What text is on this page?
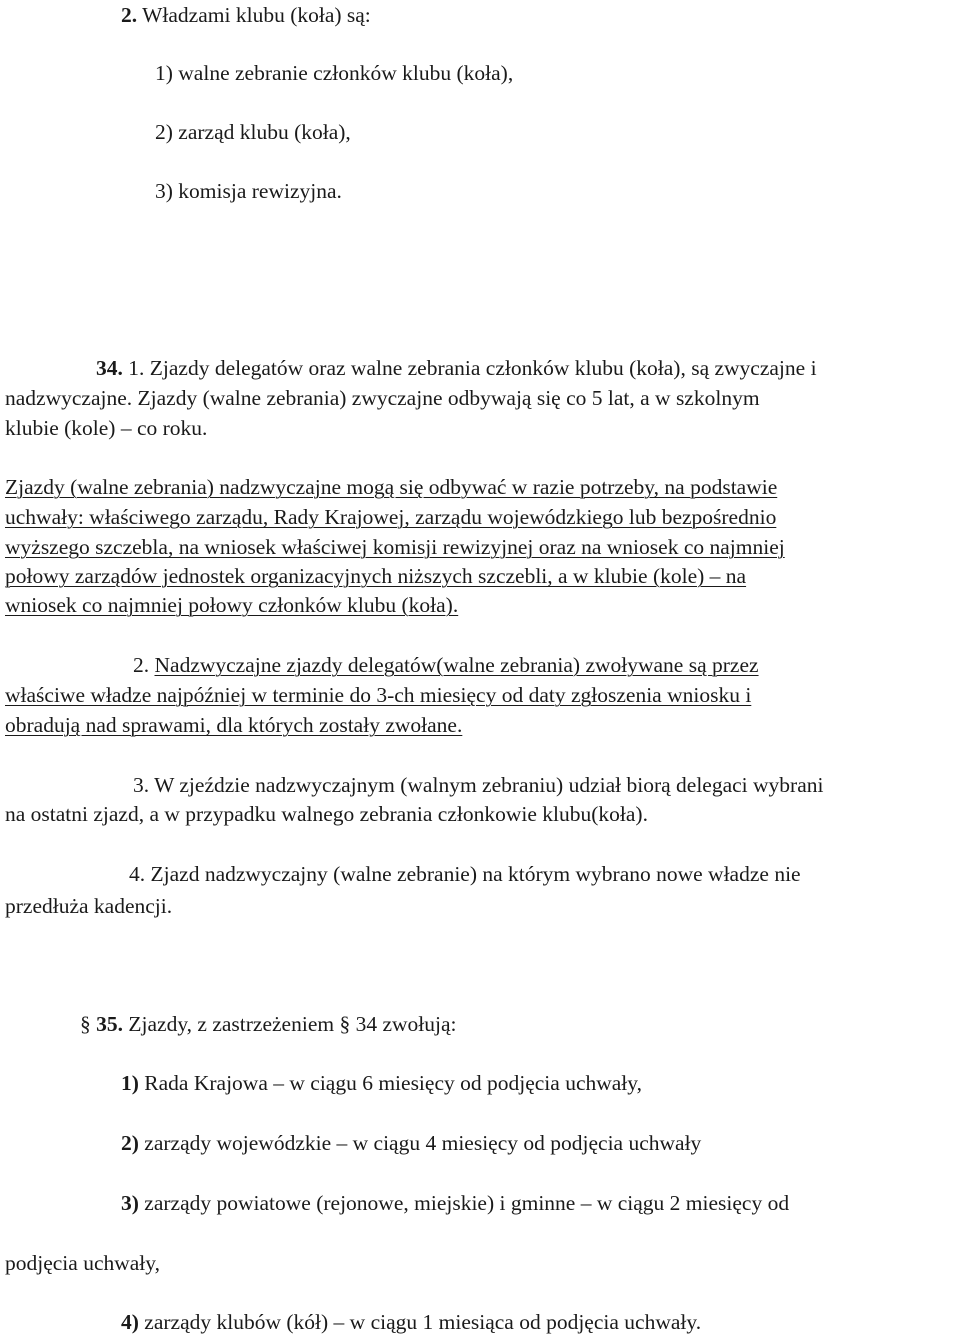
2. Władzami klubu (koła) są:

1) walne zebranie członków klubu (koła),

2) zarząd klubu (koła),

3) komisja rewizyjna.

34. 1. Zjazdy delegatów oraz walne zebrania członków klubu (koła), są zwyczajne i

nadzwyczajne. Zjazdy (walne zebrania) zwyczajne odbywają się co 5 lat, a w szkolnym

klubie (kole) – co roku.

Zjazdy (walne zebrania) nadzwyczajne mogą się odbywać w razie potrzeby, na podstawie

uchwały: właściwego zarządu, Rady Krajowej, zarządu wojewódzkiego lub bezpośrednio

wyższego szczebla, na wniosek właściwej komisji rewizyjnej oraz na wniosek co najmniej

połowy zarządów jednostek organizacyjnych niższych szczebli, a w klubie (kole) – na

wniosek co najmniej połowy członków klubu (koła).

2. Nadzwyczajne zjazdy delegatów(walne zebrania) zwoływane są przez

właściwe władze najpóźniej w terminie do 3-ch miesięcy od daty zgłoszenia wniosku i

obradują nad sprawami, dla których zostały zwołane.

3. W zjeździe nadzwyczajnym (walnym zebraniu) udział biorą delegaci wybrani

na ostatni zjazd, a w przypadku walnego zebrania członkowie klubu(koła).

4. Zjazd nadzwyczajny (walne zebranie) na którym wybrano nowe władze nie

przedłuża kadencji.

§ 35. Zjazdy, z zastrzeżeniem § 34 zwołują:

1) Rada Krajowa – w ciągu 6 miesięcy od podjęcia uchwały,

2) zarządy wojewódzkie – w ciągu 4 miesięcy od podjęcia uchwały

3) zarządy powiatowe (rejonowe, miejskie) i gminne – w ciągu 2 miesięcy od

podjęcia uchwały,

4) zarządy klubów (kół) – w ciągu 1 miesiąca od podjęcia uchwały.
